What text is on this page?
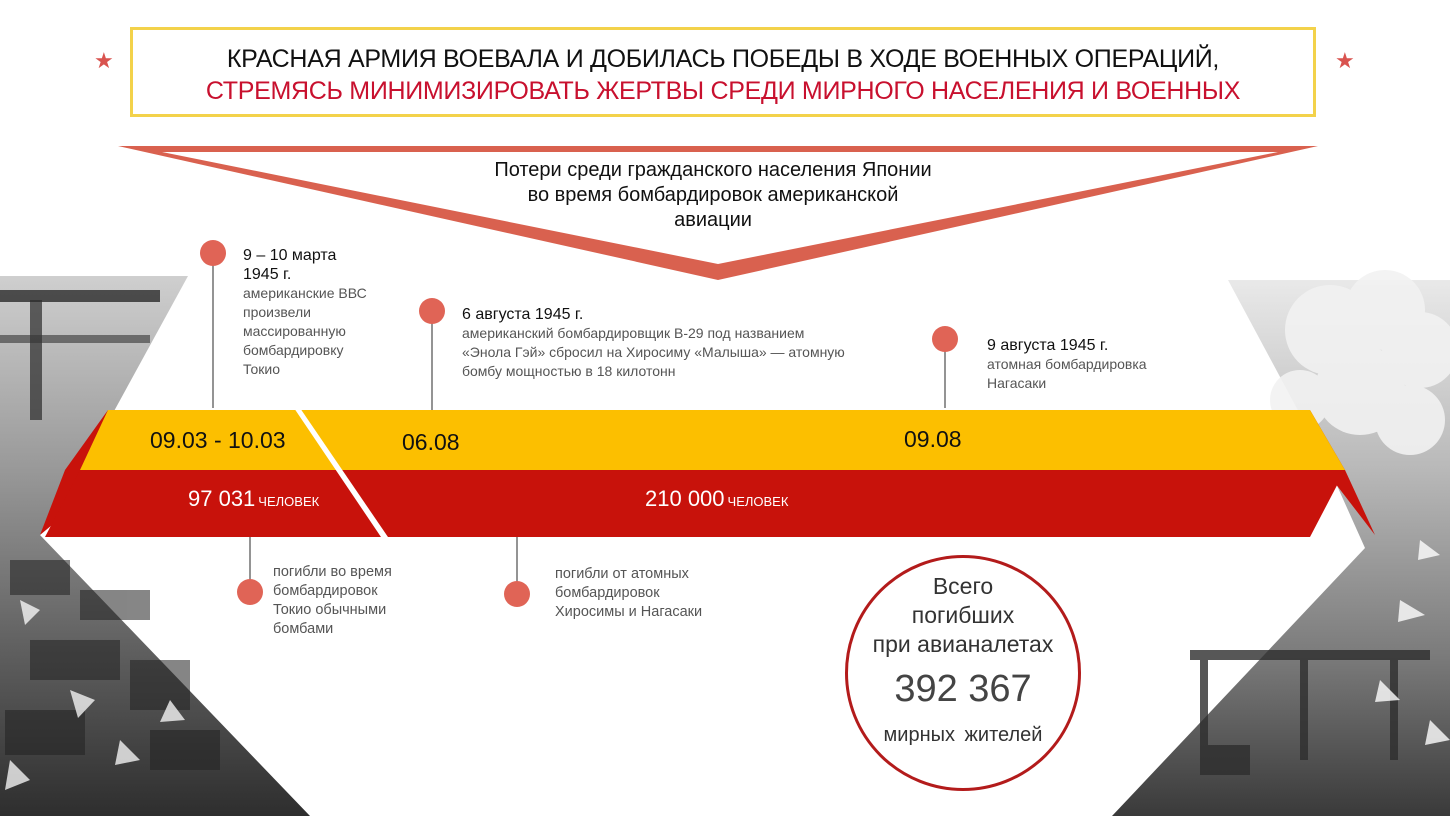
★	★
КРАСНАЯ АРМИЯ ВОЕВАЛА И ДОБИЛАСЬ ПОБЕДЫ В ХОДЕ ВОЕННЫХ ОПЕРАЦИЙ,
СТРЕМЯСЬ МИНИМИЗИРОВАТЬ ЖЕРТВЫ СРЕДИ МИРНОГО НАСЕЛЕНИЯ И ВОЕННЫХ
Потери среди гражданского населения Японии
во время бомбардировок американской
авиации
9 – 10 марта
1945 г.
американские ВВС
произвели
массированную
бомбардировку
Токио
6 августа 1945 г.
американский бомбардировщик B-29 под названием
«Энола Гэй» сбросил на Хиросиму «Малыша» — атомную
бомбу мощностью в 18 килотонн
9 августа 1945 г.
атомная бомбардировка
Нагасаки
09.03 - 10.03	06.08	09.08
97 031 ЧЕЛОВЕК	210 000 ЧЕЛОВЕК
погибли во время
бомбардировок
Токио обычными
бомбами
погибли от атомных
бомбардировок
Хиросимы и Нагасаки
Всего
погибших
при авианалетах
392 367
мирных жителей
